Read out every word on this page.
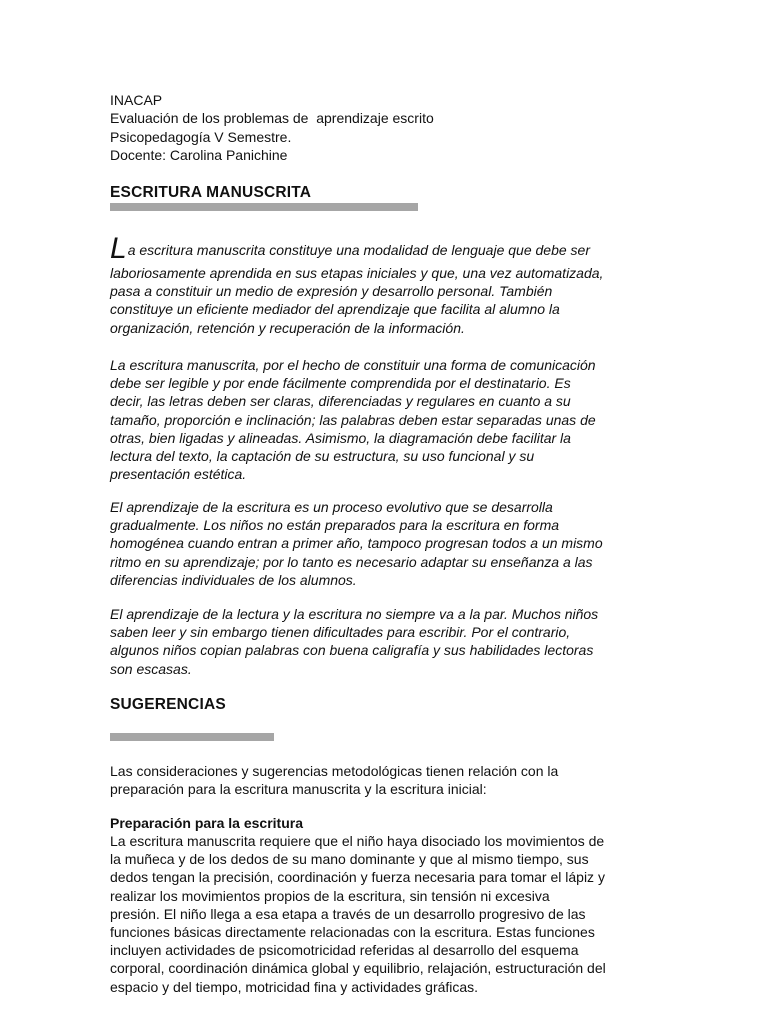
INACAP
Evaluación de los problemas de  aprendizaje escrito
Psicopedagogía V Semestre.
Docente: Carolina Panichine
ESCRITURA MANUSCRITA
La escritura manuscrita constituye una modalidad de lenguaje que debe ser
laboriosamente aprendida en sus etapas iniciales y que, una vez automatizada,
pasa a constituir un medio de expresión y desarrollo personal. También
constituye un eficiente mediador del aprendizaje que facilita al alumno la
organización, retención y recuperación de la información.
La escritura manuscrita, por el hecho de constituir una forma de comunicación
debe ser legible y por ende fácilmente comprendida por el destinatario. Es
decir, las letras deben ser claras, diferenciadas y regulares en cuanto a su
tamaño, proporción e inclinación; las palabras deben estar separadas unas de
otras, bien ligadas y alineadas. Asimismo, la diagramación debe facilitar la
lectura del texto, la captación de su estructura, su uso funcional y su
presentación estética.
El aprendizaje de la escritura es un proceso evolutivo que se desarrolla
gradualmente. Los niños no están preparados para la escritura en forma
homogénea cuando entran a primer año, tampoco progresan todos a un mismo
ritmo en su aprendizaje; por lo tanto es necesario adaptar su enseñanza a las
diferencias individuales de los alumnos.
El aprendizaje de la lectura y la escritura no siempre va a la par. Muchos niños
saben leer y sin embargo tienen dificultades para escribir. Por el contrario,
algunos niños copian palabras con buena caligrafía y sus habilidades lectoras
son escasas.
SUGERENCIAS
Las consideraciones y sugerencias metodológicas tienen relación con la
preparación para la escritura manuscrita y la escritura inicial:
Preparación para la escritura
La escritura manuscrita requiere que el niño haya disociado los movimientos de
la muñeca y de los dedos de su mano dominante y que al mismo tiempo, sus
dedos tengan la precisión, coordinación y fuerza necesaria para tomar el lápiz y
realizar los movimientos propios de la escritura, sin tensión ni excesiva
presión. El niño llega a esa etapa a través de un desarrollo progresivo de las
funciones básicas directamente relacionadas con la escritura. Estas funciones
incluyen actividades de psicomotricidad referidas al desarrollo del esquema
corporal, coordinación dinámica global y equilibrio, relajación, estructuración del
espacio y del tiempo, motricidad fina y actividades gráficas.
